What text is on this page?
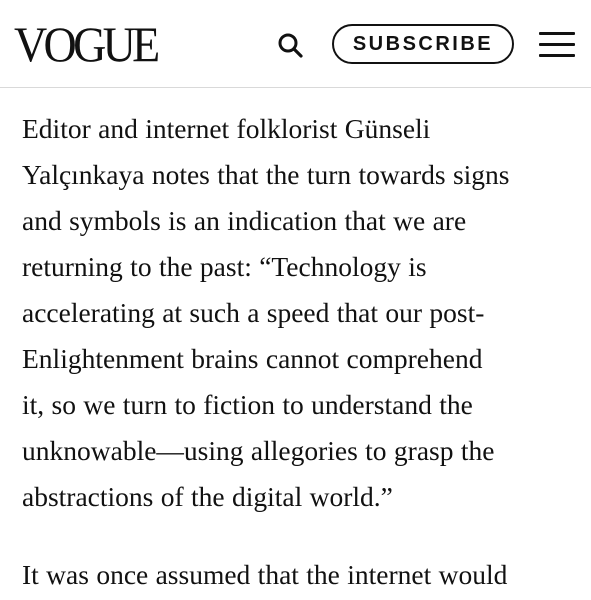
VOGUE	SUBSCRIBE

Editor and internet folklorist Günseli
Yalçınkaya notes that the turn towards signs
and symbols is an indication that we are
returning to the past: “Technology is
accelerating at such a speed that our post-
Enlightenment brains cannot comprehend
it, so we turn to fiction to understand the
unknowable—using allegories to grasp the
abstractions of the digital world.”

It was once assumed that the internet would
